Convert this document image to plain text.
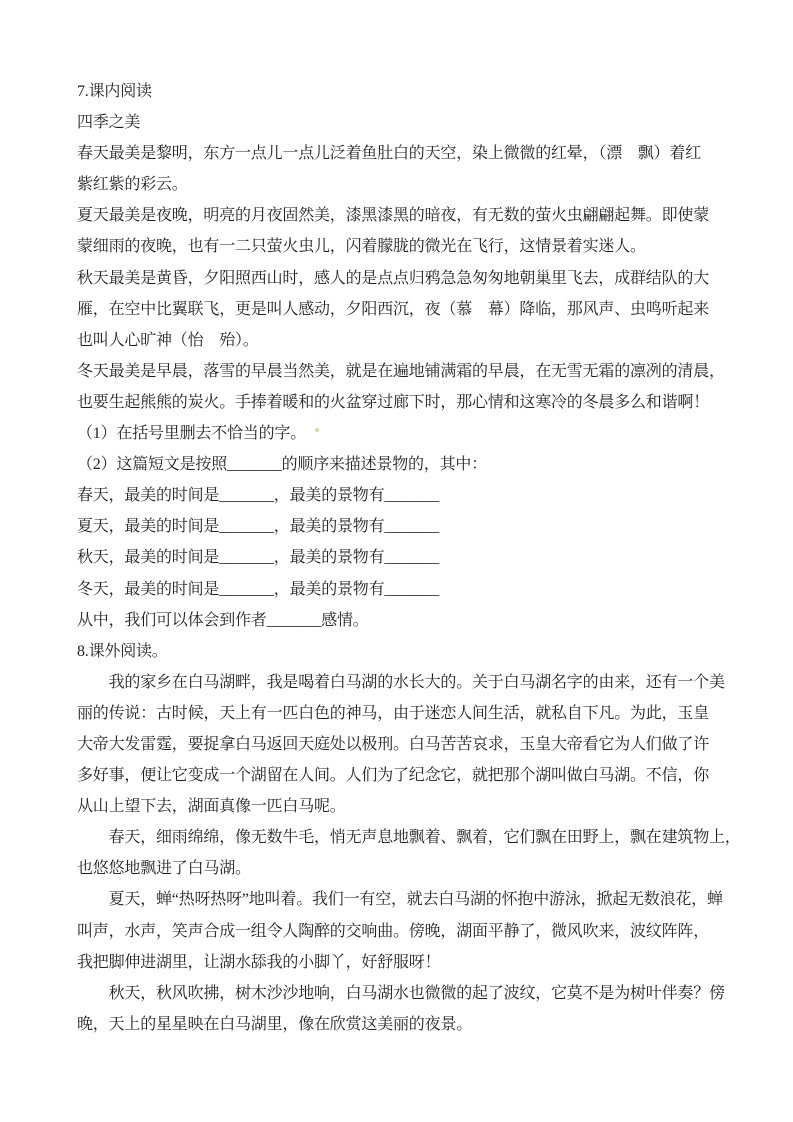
7.课内阅读
四季之美
春天最美是黎明，东方一点儿一点儿泛着鱼肚白的天空，染上微微的红晕，（漂　飘）着红
紫红紫的彩云。
夏天最美是夜晚，明亮的月夜固然美，漆黑漆黑的暗夜，有无数的萤火虫翩翩起舞。即使蒙
蒙细雨的夜晚，也有一二只萤火虫儿，闪着朦胧的微光在飞行，这情景着实迷人。
秋天最美是黄昏，夕阳照西山时，感人的是点点归鸦急急匆匆地朝巢里飞去，成群结队的大
雁，在空中比翼联飞，更是叫人感动，夕阳西沉，夜（慕　幕）降临，那风声、虫鸣听起来
也叫人心旷神（怡　殆）。
冬天最美是早晨，落雪的早晨当然美，就是在遍地铺满霜的早晨，在无雪无霜的凛冽的清晨，
也要生起熊熊的炭火。手捧着暖和的火盆穿过廊下时，那心情和这寒冷的冬晨多么和谐啊！
（1）在括号里删去不恰当的字。
（2）这篇短文是按照_______的顺序来描述景物的，其中：
春天，最美的时间是_______，最美的景物有_______
夏天，最美的时间是_______，最美的景物有_______
秋天，最美的时间是_______，最美的景物有_______
冬天，最美的时间是_______，最美的景物有_______
从中，我们可以体会到作者_______感情。
8.课外阅读。
　　我的家乡在白马湖畔，我是喝着白马湖的水长大的。关于白马湖名字的由来，还有一个美
丽的传说：古时候，天上有一匹白色的神马，由于迷恋人间生活，就私自下凡。为此，玉皇
大帝大发雷霆，要捉拿白马返回天庭处以极刑。白马苦苦哀求，玉皇大帝看它为人们做了许
多好事，便让它变成一个湖留在人间。人们为了纪念它，就把那个湖叫做白马湖。不信，你
从山上望下去，湖面真像一匹白马呢。
　　春天，细雨绵绵，像无数牛毛，悄无声息地飘着、飘着，它们飘在田野上，飘在建筑物上，
也悠悠地飘进了白马湖。
　　夏天，蝉“热呀热呀”地叫着。我们一有空，就去白马湖的怀抱中游泳，掀起无数浪花，蝉
叫声，水声，笑声合成一组令人陶醉的交响曲。傍晚，湖面平静了，微风吹来，波纹阵阵，
我把脚伸进湖里，让湖水舔我的小脚丫，好舒服呀！
　　秋天，秋风吹拂，树木沙沙地响，白马湖水也微微的起了波纹，它莫不是为树叶伴奏？傍
晚，天上的星星映在白马湖里，像在欣赏这美丽的夜景。
